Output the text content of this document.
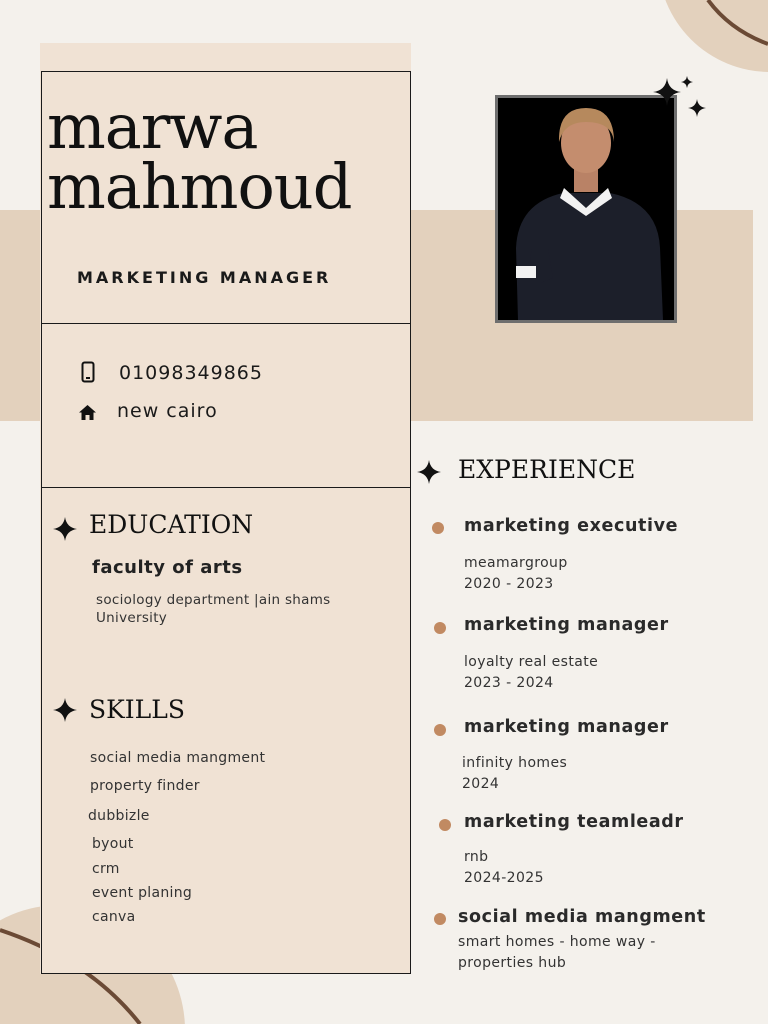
marwa
mahmoud
MARKETING MANAGER
01098349865
new cairo
EDUCATION
faculty of arts
sociology department |ain shams
University
SKILLS
social media mangment
property finder
dubbizle
byout
crm
event planing
canva
EXPERIENCE
marketing executive
meamargroup
2020 - 2023
marketing manager
loyalty real estate
2023 - 2024
marketing manager
infinity homes
2024
marketing teamleadr
rnb
2024-2025
social media mangment
smart homes - home way -
properties hub
